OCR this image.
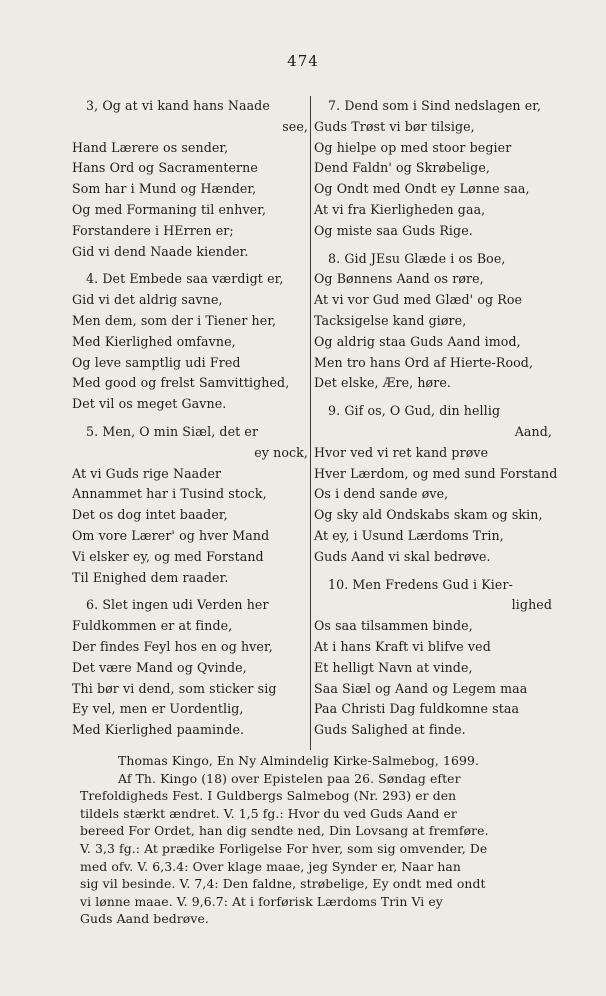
474
3, Og at vi kand hans Naade
see,
Hand Lærere os sender,
Hans Ord og Sacramenterne
Som har i Mund og Hænder,
Og med Formaning til enhver,
Forstandere i HErren er;
Gid vi dend Naade kiender.
4. Det Embede saa værdigt er,
Gid vi det aldrig savne,
Men dem, som der i Tiener her,
Med Kierlighed omfavne,
Og leve samptlig udi Fred
Med good og frelst Samvittighed,
Det vil os meget Gavne.
5. Men, O min Siæl, det er
ey nock,
At vi Guds rige Naader
Annammet har i Tusind stock,
Det os dog intet baader,
Om vore Lærer' og hver Mand
Vi elsker ey, og med Forstand
Til Enighed dem raader.
6. Slet ingen udi Verden her
Fuldkommen er at finde,
Der findes Feyl hos en og hver,
Det være Mand og Qvinde,
Thi bør vi dend, som sticker sig
Ey vel, men er Uordentlig,
Med Kierlighed paaminde.
7. Dend som i Sind nedslagen er,
Guds Trøst vi bør tilsige,
Og hielpe op med stoor begier
Dend Faldn' og Skrøbelige,
Og Ondt med Ondt ey Lønne saa,
At vi fra Kierligheden gaa,
Og miste saa Guds Rige.
8. Gid JEsu Glæde i os Boe,
Og Bønnens Aand os røre,
At vi vor Gud med Glæd' og Roe
Tacksigelse kand giøre,
Og aldrig staa Guds Aand imod,
Men tro hans Ord af Hierte-Rood,
Det elske, Ære, høre.
9. Gif os, O Gud, din hellig
Aand,
Hvor ved vi ret kand prøve
Hver Lærdom, og med sund Forstand
Os i dend sande øve,
Og sky ald Ondskabs skam og skin,
At ey, i Usund Lærdoms Trin,
Guds Aand vi skal bedrøve.
10. Men Fredens Gud i Kier-
lighed
Os saa tilsammen binde,
At i hans Kraft vi blifve ved
Et helligt Navn at vinde,
Saa Siæl og Aand og Legem maa
Paa Christi Dag fuldkomne staa
Guds Salighed at finde.
Thomas Kingo, En Ny Almindelig Kirke-Salmebog, 1699.
Af Th. Kingo (18) over Epistelen paa 26. Søndag efter
Trefoldigheds Fest. I Guldbergs Salmebog (Nr. 293) er den
tildels stærkt ændret. V. 1,5 fg.: Hvor du ved Guds Aand er
bereed For Ordet, han dig sendte ned, Din Lovsang at fremføre.
V. 3,3 fg.: At prædike Forligelse For hver, som sig omvender, De
med ofv. V. 6,3.4: Over klage maae, jeg Synder er, Naar han
sig vil besinde. V. 7,4: Den faldne, strøbelige, Ey ondt med ondt
vi lønne maae. V. 9,6.7: At i forførisk Lærdoms Trin Vi ey
Guds Aand bedrøve.
